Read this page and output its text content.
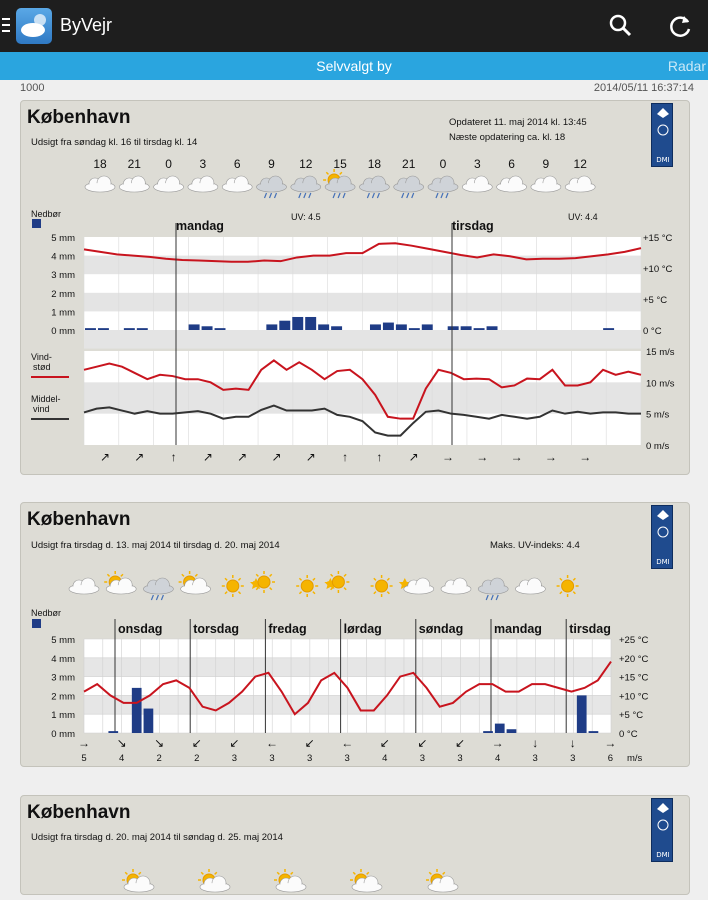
ByVejr
Selvvalgt by	Radar
1000	2014/05/11 16:37:14
København
Udsigt fra søndag kl. 16 til tirsdag kl. 14
Opdateret 11. maj 2014 kl. 13:45
Næste opdatering ca. kl. 18
DMI
18 21 0 3 6 9 12 15 18 21 0 3 6 9 12
Nedbør
mandag	tirsdag
UV: 4.5	UV: 4.4
5 mm
4 mm
3 mm
2 mm
1 mm
0 mm
+15 °C
+10 °C
+5 °C
0 °C
15 m/s
10 m/s
5 m/s
0 m/s
Vind-
stød
Middel-
vind
↗ ↗ ↑ ↗ ↗ ↗ ↗ ↑ ↑ ↗ → → → → →
København
Udsigt fra tirsdag d. 13. maj 2014 til tirsdag d. 20. maj 2014	Maks. UV-indeks: 4.4
DMI
Nedbør
5 mm
4 mm
3 mm
2 mm
1 mm
0 mm
+25 °C
+20 °C
+15 °C
+10 °C
+5 °C
0 °C
onsdag torsdag fredag	lørdag	søndag mandag tirsdag
→
5
↘
4
↘
2
↙
2
↙
3
←
3
↙
3
←
3
↙
4
↙
3
↙
3
→
4
↓
3
↓
3
→
6 m/s
København
Udsigt fra tirsdag d. 20. maj 2014 til søndag d. 25. maj 2014
DMI
